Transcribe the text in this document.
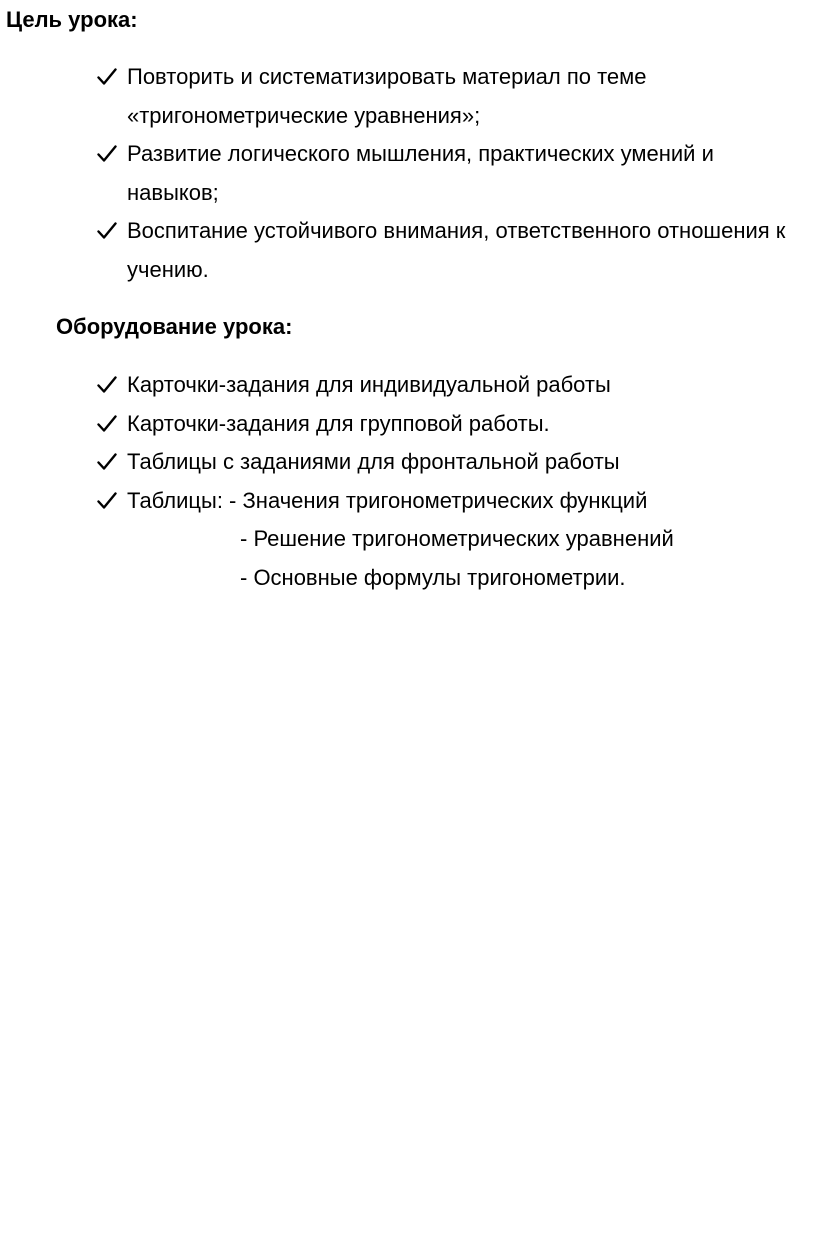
Цель урока:
Повторить и систематизировать материал по теме «тригонометрические уравнения»;
Развитие логического мышления, практических умений и навыков;
Воспитание устойчивого внимания, ответственного отношения к учению.
Оборудование урока:
Карточки-задания для индивидуальной работы
Карточки-задания для групповой работы.
Таблицы с заданиями для фронтальной работы
Таблицы: - Значения тригонометрических функций
- Решение тригонометрических уравнений
- Основные формулы тригонометрии.
